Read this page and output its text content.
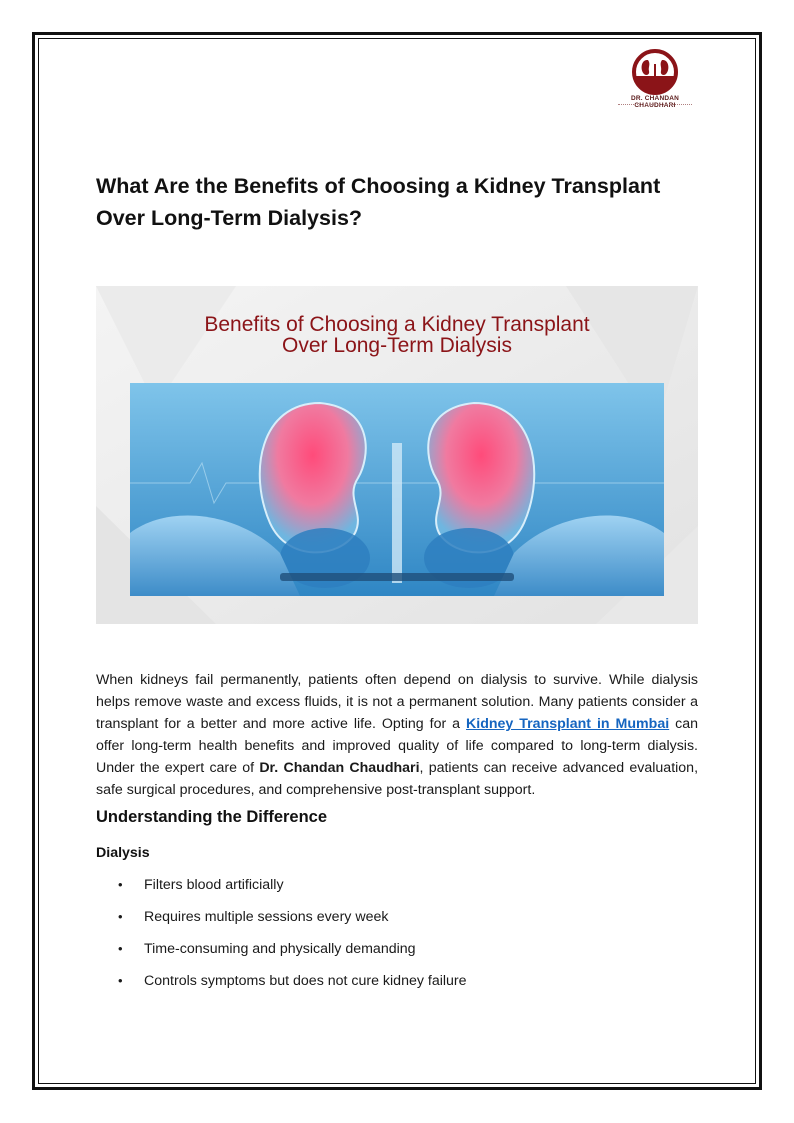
DR. CHANDAN CHAUDHARI
What Are the Benefits of Choosing a Kidney Transplant Over Long-Term Dialysis?
Benefits of Choosing a Kidney Transplant
Over Long-Term Dialysis

When kidneys fail permanently, patients often depend on dialysis to survive. While dialysis helps remove waste and excess fluids, it is not a permanent solution. Many patients consider a transplant for a better and more active life. Opting for a Kidney Transplant in Mumbai can offer long-term health benefits and improved quality of life compared to long-term dialysis. Under the expert care of Dr. Chandan Chaudhari, patients can receive advanced evaluation, safe surgical procedures, and comprehensive post-transplant support.

Understanding the Difference
Dialysis
• Filters blood artificially
• Requires multiple sessions every week
• Time-consuming and physically demanding
• Controls symptoms but does not cure kidney failure
